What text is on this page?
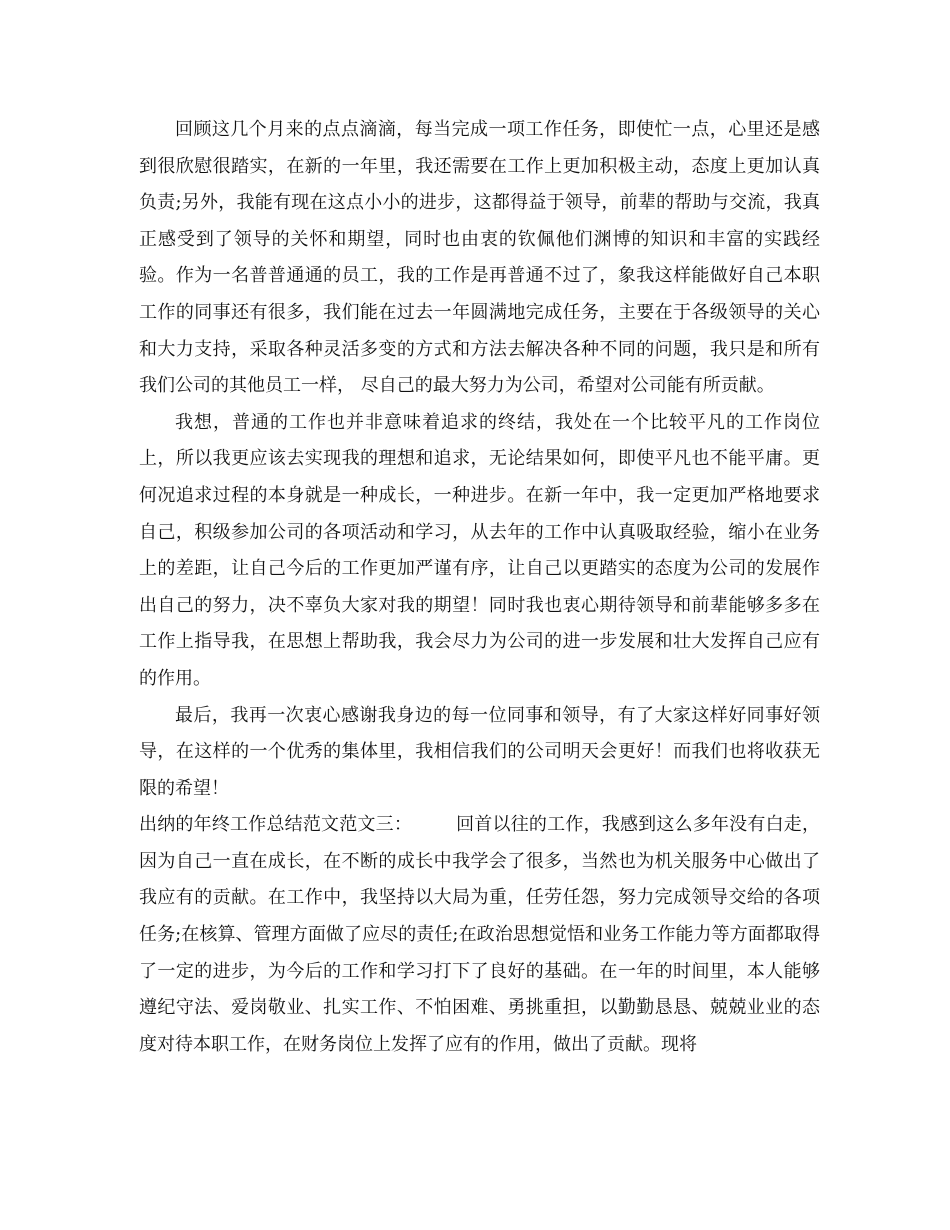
回顾这几个月来的点点滴滴，每当完成一项工作任务，即使忙一点，心里还是感到很欣慰很踏实，在新的一年里，我还需要在工作上更加积极主动，态度上更加认真负责;另外，我能有现在这点小小的进步，这都得益于领导，前辈的帮助与交流，我真正感受到了领导的关怀和期望，同时也由衷的钦佩他们渊博的知识和丰富的实践经验。作为一名普普通通的员工，我的工作是再普通不过了，象我这样能做好自己本职工作的同事还有很多，我们能在过去一年圆满地完成任务，主要在于各级领导的关心和大力支持，采取各种灵活多变的方式和方法去解决各种不同的问题，我只是和所有我们公司的其他员工一样， 尽自己的最大努力为公司，希望对公司能有所贡献。

我想，普通的工作也并非意味着追求的终结，我处在一个比较平凡的工作岗位上，所以我更应该去实现我的理想和追求，无论结果如何，即使平凡也不能平庸。更何况追求过程的本身就是一种成长，一种进步。在新一年中，我一定更加严格地要求自己，积级参加公司的各项活动和学习，从去年的工作中认真吸取经验，缩小在业务上的差距，让自己今后的工作更加严谨有序，让自己以更踏实的态度为公司的发展作出自己的努力，决不辜负大家对我的期望！同时我也衷心期待领导和前辈能够多多在工作上指导我，在思想上帮助我，我会尽力为公司的进一步发展和壮大发挥自己应有的作用。

最后，我再一次衷心感谢我身边的每一位同事和领导，有了大家这样好同事好领导，在这样的一个优秀的集体里，我相信我们的公司明天会更好！而我们也将收获无限的希望！

出纳的年终工作总结范文范文三： 回首以往的工作，我感到这么多年没有白走，因为自己一直在成长，在不断的成长中我学会了很多，当然也为机关服务中心做出了我应有的贡献。在工作中，我坚持以大局为重，任劳任怨，努力完成领导交给的各项任务;在核算、管理方面做了应尽的责任;在政治思想觉悟和业务工作能力等方面都取得了一定的进步，为今后的工作和学习打下了良好的基础。在一年的时间里，本人能够遵纪守法、爱岗敬业、扎实工作、不怕困难、勇挑重担，以勤勤恳恳、兢兢业业的态度对待本职工作，在财务岗位上发挥了应有的作用，做出了贡献。现将
